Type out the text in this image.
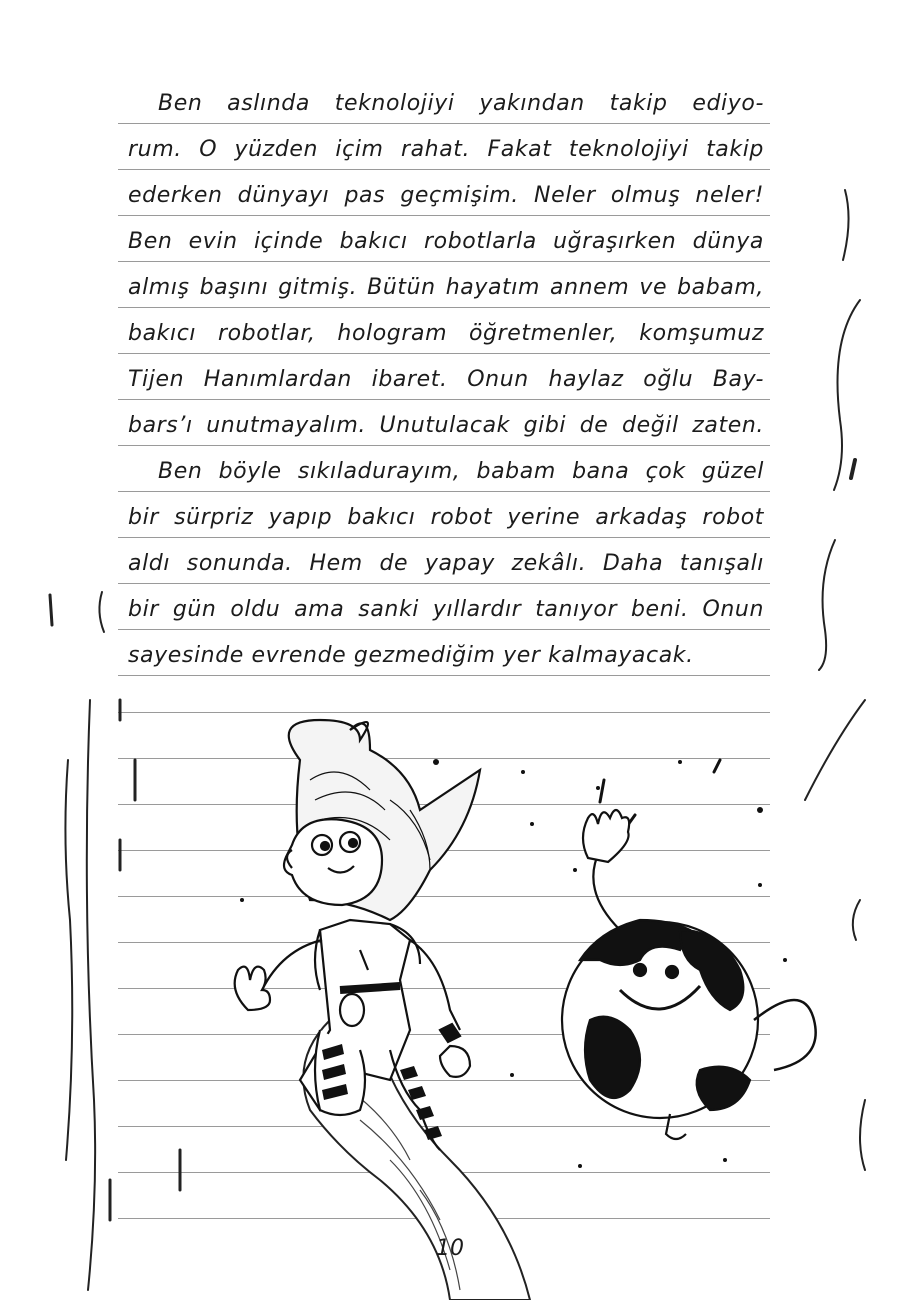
Ben aslında teknolojiyi yakından takip ediyo-
rum. O yüzden içim rahat. Fakat teknolojiyi takip
ederken dünyayı pas geçmişim. Neler olmuş neler!
Ben evin içinde bakıcı robotlarla uğraşırken dünya
almış başını gitmiş. Bütün hayatım annem ve babam,
bakıcı robotlar, hologram öğretmenler, komşumuz
Tijen Hanımlardan ibaret. Onun haylaz oğlu Bay-
bars’ı unutmayalım. Unutulacak gibi de değil zaten.
Ben böyle sıkıladurayım, babam bana çok güzel
bir sürpriz yapıp bakıcı robot yerine arkadaş robot
aldı sonunda. Hem de yapay zekâlı. Daha tanışalı
bir gün oldu ama sanki yıllardır tanıyor beni. Onun
sayesinde evrende gezmediğim yer kalmayacak.
10
